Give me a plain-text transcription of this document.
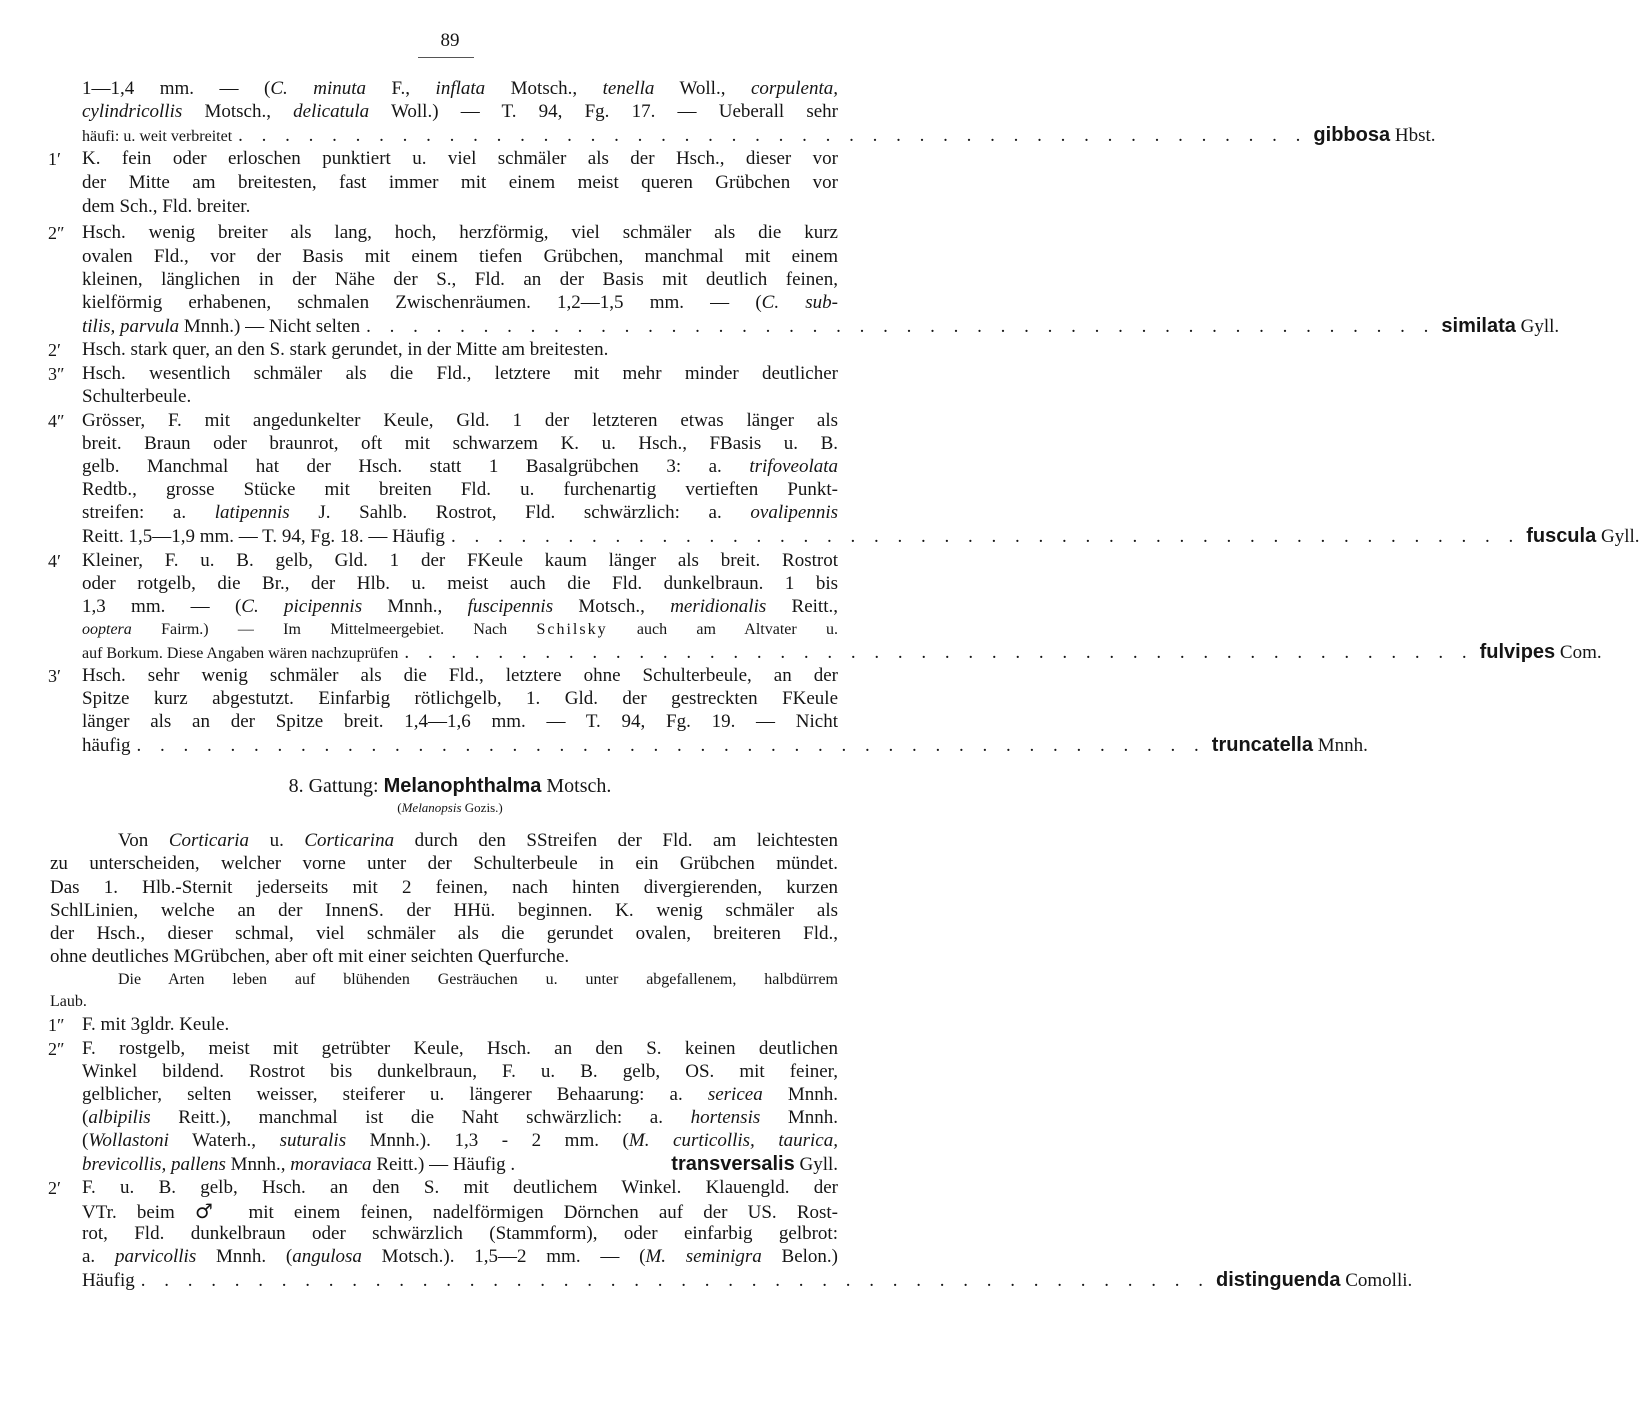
89
1—1,4 mm. — (C. minuta F., inflata Motsch., tenella Woll., corpulenta,
cylindricollis Motsch., delicatula Woll.) — T. 94, Fg. 17. — Ueberall sehr
häufi: u. weit verbreitet . . . . . . . . . . . . . . . . . . . . . . . . . . . . . . . . . . . . . . . . . . . . . . gibbosa Hbst.
1′ K. fein oder erloschen punktiert u. viel schmäler als der Hsch., dieser vor
der Mitte am breitesten, fast immer mit einem meist queren Grübchen vor
dem Sch., Fld. breiter.
2″ Hsch. wenig breiter als lang, hoch, herzförmig, viel schmäler als die kurz
ovalen Fld., vor der Basis mit einem tiefen Grübchen, manchmal mit einem
kleinen, länglichen in der Nähe der S., Fld. an der Basis mit deutlich feinen,
kielförmig erhabenen, schmalen Zwischenräumen. 1,2—1,5 mm. — (C. sub-
tilis, parvula Mnnh.) — Nicht selten . . . . . . . . . . . . . . . . . . . . . . . . . . . . . . . . . . . . . . . . . . . . . . similata Gyll.
2′ Hsch. stark quer, an den S. stark gerundet, in der Mitte am breitesten.
3″ Hsch. wesentlich schmäler als die Fld., letztere mit mehr minder deutlicher
Schulterbeule.
4″ Grösser, F. mit angedunkelter Keule, Gld. 1 der letzteren etwas länger als
breit. Braun oder braunrot, oft mit schwarzem K. u. Hsch., FBasis u. B.
gelb. Manchmal hat der Hsch. statt 1 Basalgrübchen 3: a. trifoveolata
Redtb., grosse Stücke mit breiten Fld. u. furchenartig vertieften Punkt-
streifen: a. latipennis J. Sahlb. Rostrot, Fld. schwärzlich: a. ovalipennis
Reitt. 1,5—1,9 mm. — T. 94, Fg. 18. — Häufig . . . . . . . . . . . . . . . . . . . . . . . . . . . . . . . . . . . . . . . . . . . . . . fuscula Gyll.
4′ Kleiner, F. u. B. gelb, Gld. 1 der FKeule kaum länger als breit. Rostrot
oder rotgelb, die Br., der Hlb. u. meist auch die Fld. dunkelbraun. 1 bis
1,3 mm. — (C. picipennis Mnnh., fuscipennis Motsch., meridionalis Reitt.,
ooptera Fairm.) — Im Mittelmeergebiet. Nach Schilsky auch am Altvater u.
auf Borkum. Diese Angaben wären nachzuprüfen . . . . . . . . . . . . . . . . . . . . . . . . . . . . . . . . . . . . . . . . . . . . . . fulvipes Com.
3′ Hsch. sehr wenig schmäler als die Fld., letztere ohne Schulterbeule, an der
Spitze kurz abgestutzt. Einfarbig rötlichgelb, 1. Gld. der gestreckten FKeule
länger als an der Spitze breit. 1,4—1,6 mm. — T. 94, Fg. 19. — Nicht
häufig . . . . . . . . . . . . . . . . . . . . . . . . . . . . . . . . . . . . . . . . . . . . . . truncatella Mnnh.
8. Gattung: Melanophthalma Motsch.
(Melanopsis Gozis.)
Von Corticaria u. Corticarina durch den SStreifen der Fld. am leichtesten
zu unterscheiden, welcher vorne unter der Schulterbeule in ein Grübchen mündet.
Das 1. Hlb.-Sternit jederseits mit 2 feinen, nach hinten divergierenden, kurzen
SchlLinien, welche an der InnenS. der HHü. beginnen. K. wenig schmäler als
der Hsch., dieser schmal, viel schmäler als die gerundet ovalen, breiteren Fld.,
ohne deutliches MGrübchen, aber oft mit einer seichten Querfurche.
Die Arten leben auf blühenden Gesträuchen u. unter abgefallenem, halbdürrem
Laub.
1″ F. mit 3gldr. Keule.
2″ F. rostgelb, meist mit getrübter Keule, Hsch. an den S. keinen deutlichen
Winkel bildend. Rostrot bis dunkelbraun, F. u. B. gelb, OS. mit feiner,
gelblicher, selten weisser, steiferer u. längerer Behaarung: a. sericea Mnnh.
(albipilis Reitt.), manchmal ist die Naht schwärzlich: a. hortensis Mnnh.
(Wollastoni Waterh., suturalis Mnnh.). 1,3 - 2 mm. (M. curticollis, taurica,
brevicollis, pallens Mnnh., moraviaca Reitt.) — Häufig .	transversalis Gyll.
2′ F. u. B. gelb, Hsch. an den S. mit deutlichem Winkel. Klauengld. der
VTr. beim ♂ mit einem feinen, nadelförmigen Dörnchen auf der US. Rost-
rot, Fld. dunkelbraun oder schwärzlich (Stammform), oder einfarbig gelbrot:
a. parvicollis Mnnh. (angulosa Motsch.). 1,5—2 mm. — (M. seminigra Belon.)
Häufig . . . . . . . . . . . . . . . . . . . . . . . . . . . . . . . . . . . . . . . . . . . . . . distinguenda Comolli.
